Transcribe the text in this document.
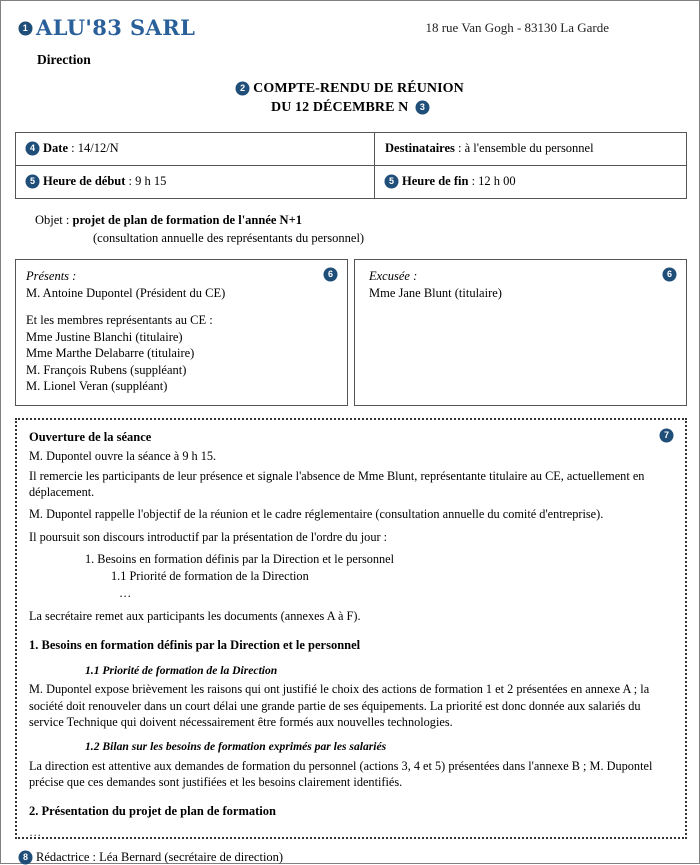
1 ALU'83 SARL	18 rue Van Gogh - 83130 La Garde
Direction
2 COMPTE-RENDU DE RÉUNION
DU 12 DÉCEMBRE N 3
4 Date : 14/12/N	Destinataires : à l'ensemble du personnel
5 Heure de début : 9 h 15	5 Heure de fin : 12 h 00
Objet : projet de plan de formation de l'année N+1
(consultation annuelle des représentants du personnel)
6
Présents :
M. Antoine Dupontel (Président du CE)
Et les membres représentants au CE :
Mme Justine Blanchi (titulaire)
Mme Marthe Delabarre (titulaire)
M. François Rubens (suppléant)
M. Lionel Veran (suppléant)
6
Excusée :
Mme Jane Blunt (titulaire)
7
Ouverture de la séance
M. Dupontel ouvre la séance à 9 h 15.
Il remercie les participants de leur présence et signale l'absence de Mme Blunt, représentante titulaire au CE, actuellement en déplacement.
M. Dupontel rappelle l'objectif de la réunion et le cadre réglementaire (consultation annuelle du comité d'entreprise).
Il poursuit son discours introductif par la présentation de l'ordre du jour :
1. Besoins en formation définis par la Direction et le personnel
1.1 Priorité de formation de la Direction
…
La secrétaire remet aux participants les documents (annexes A à F).
1. Besoins en formation définis par la Direction et le personnel
1.1 Priorité de formation de la Direction
M. Dupontel expose brièvement les raisons qui ont justifié le choix des actions de formation 1 et 2 présentées en annexe A ; la société doit renouveler dans un court délai une grande partie de ses équipements. La priorité est donc donnée aux salariés du service Technique qui doivent nécessairement être formés aux nouvelles technologies.
1.2 Bilan sur les besoins de formation exprimés par les salariés
La direction est attentive aux demandes de formation du personnel (actions 3, 4 et 5) présentées dans l'annexe B ; M. Dupontel précise que ces demandes sont justifiées et les besoins clairement identifiés.
2. Présentation du projet de plan de formation
…
8 Rédactrice : Léa Bernard (secrétaire de direction)
